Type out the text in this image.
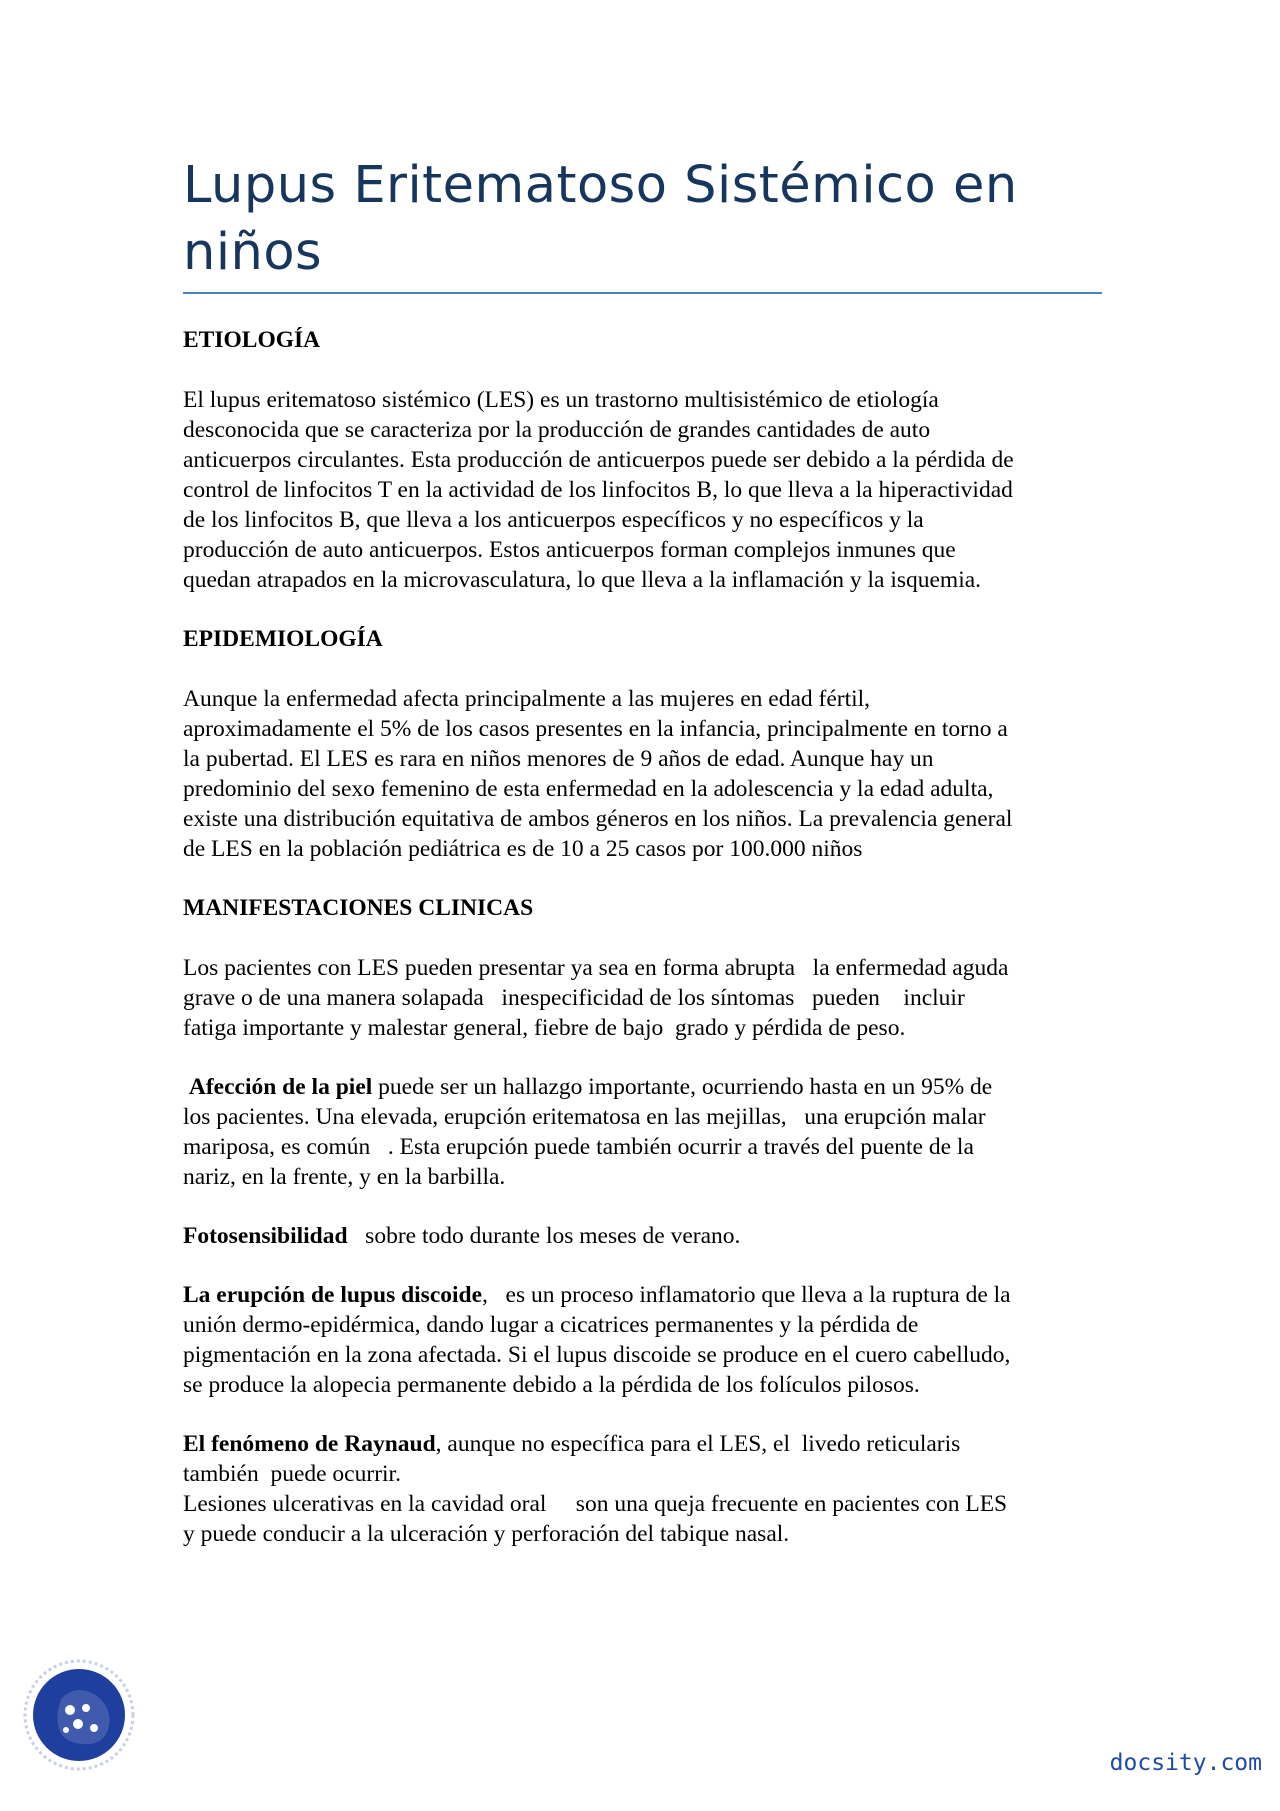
Lupus Eritematoso Sistémico en
niños

ETIOLOGÍA

El lupus eritematoso sistémico (LES) es un trastorno multisistémico de etiología
desconocida que se caracteriza por la producción de grandes cantidades de auto
anticuerpos circulantes. Esta producción de anticuerpos puede ser debido a la pérdida de
control de linfocitos T en la actividad de los linfocitos B, lo que lleva a la hiperactividad
de los linfocitos B, que lleva a los anticuerpos específicos y no específicos y la
producción de auto anticuerpos. Estos anticuerpos forman complejos inmunes que
quedan atrapados en la microvasculatura, lo que lleva a la inflamación y la isquemia.

EPIDEMIOLOGÍA

Aunque la enfermedad afecta principalmente a las mujeres en edad fértil,
aproximadamente el 5% de los casos presentes en la infancia, principalmente en torno a
la pubertad. El LES es rara en niños menores de 9 años de edad. Aunque hay un
predominio del sexo femenino de esta enfermedad en la adolescencia y la edad adulta,
existe una distribución equitativa de ambos géneros en los niños. La prevalencia general
de LES en la población pediátrica es de 10 a 25 casos por 100.000 niños

MANIFESTACIONES CLINICAS

Los pacientes con LES pueden presentar ya sea en forma abrupta   la enfermedad aguda
grave o de una manera solapada   inespecificidad de los síntomas   pueden    incluir
fatiga importante y malestar general, fiebre de bajo  grado y pérdida de peso.
Afección de la piel puede ser un hallazgo importante, ocurriendo hasta en un 95% de
los pacientes. Una elevada, erupción eritematosa en las mejillas,   una erupción malar
mariposa, es común   . Esta erupción puede también ocurrir a través del puente de la
nariz, en la frente, y en la barbilla.
Fotosensibilidad   sobre todo durante los meses de verano.
La erupción de lupus discoide,   es un proceso inflamatorio que lleva a la ruptura de la
unión dermo-epidérmica, dando lugar a cicatrices permanentes y la pérdida de
pigmentación en la zona afectada. Si el lupus discoide se produce en el cuero cabelludo,
se produce la alopecia permanente debido a la pérdida de los folículos pilosos.
El fenómeno de Raynaud, aunque no específica para el LES, el  livedo reticularis
también  puede ocurrir.
Lesiones ulcerativas en la cavidad oral     son una queja frecuente en pacientes con LES
y puede conducir a la ulceración y perforación del tabique nasal.
docsity.com
